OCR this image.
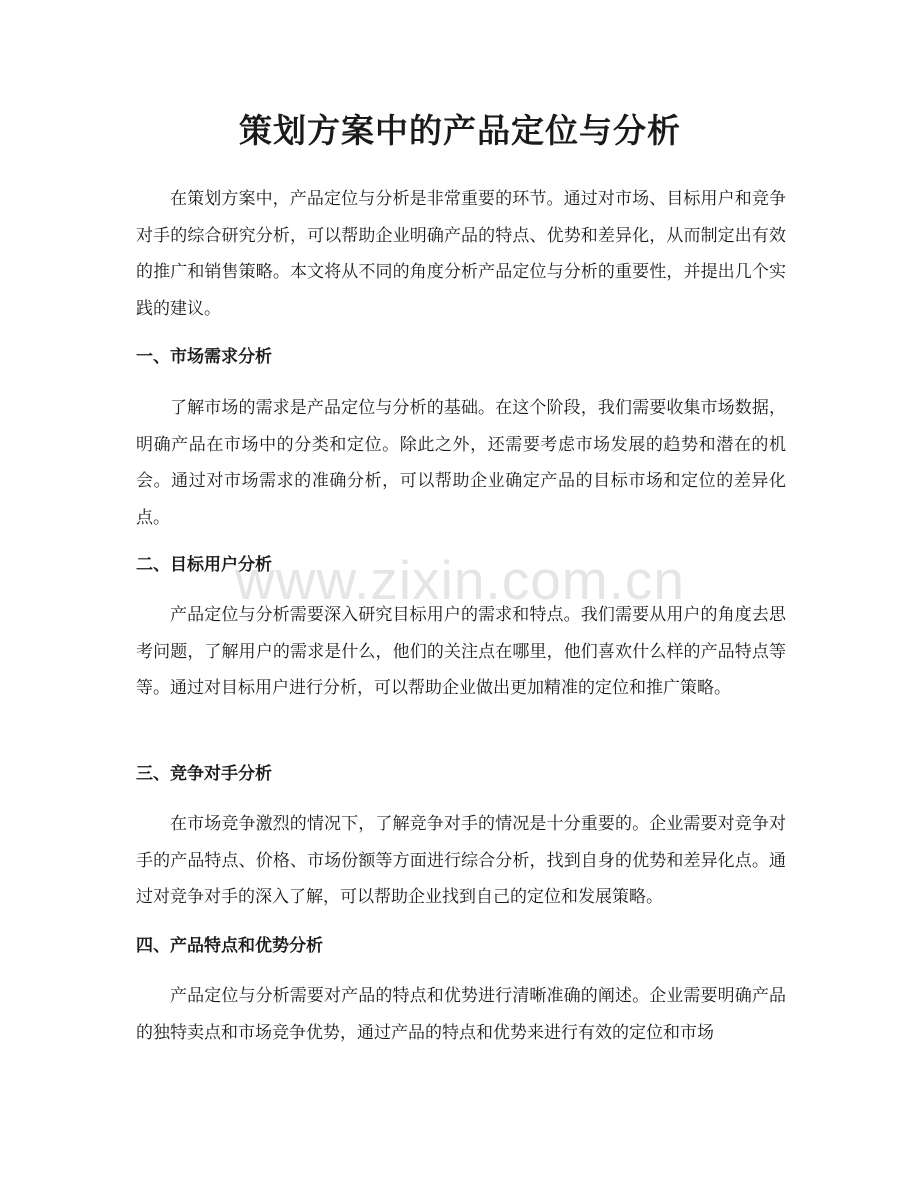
策划方案中的产品定位与分析

在策划方案中，产品定位与分析是非常重要的环节。通过对市场、目标用户和竞争对手的综合研究分析，可以帮助企业明确产品的特点、优势和差异化，从而制定出有效的推广和销售策略。本文将从不同的角度分析产品定位与分析的重要性，并提出几个实践的建议。

一、市场需求分析

了解市场的需求是产品定位与分析的基础。在这个阶段，我们需要收集市场数据，明确产品在市场中的分类和定位。除此之外，还需要考虑市场发展的趋势和潜在的机会。通过对市场需求的准确分析，可以帮助企业确定产品的目标市场和定位的差异化点。

二、目标用户分析

产品定位与分析需要深入研究目标用户的需求和特点。我们需要从用户的角度去思考问题，了解用户的需求是什么，他们的关注点在哪里，他们喜欢什么样的产品特点等等。通过对目标用户进行分析，可以帮助企业做出更加精准的定位和推广策略。

三、竞争对手分析

在市场竞争激烈的情况下，了解竞争对手的情况是十分重要的。企业需要对竞争对手的产品特点、价格、市场份额等方面进行综合分析，找到自身的优势和差异化点。通过对竞争对手的深入了解，可以帮助企业找到自己的定位和发展策略。

四、产品特点和优势分析

产品定位与分析需要对产品的特点和优势进行清晰准确的阐述。企业需要明确产品的独特卖点和市场竞争优势，通过产品的特点和优势来进行有效的定位和市场

www.zixin.com.cn
